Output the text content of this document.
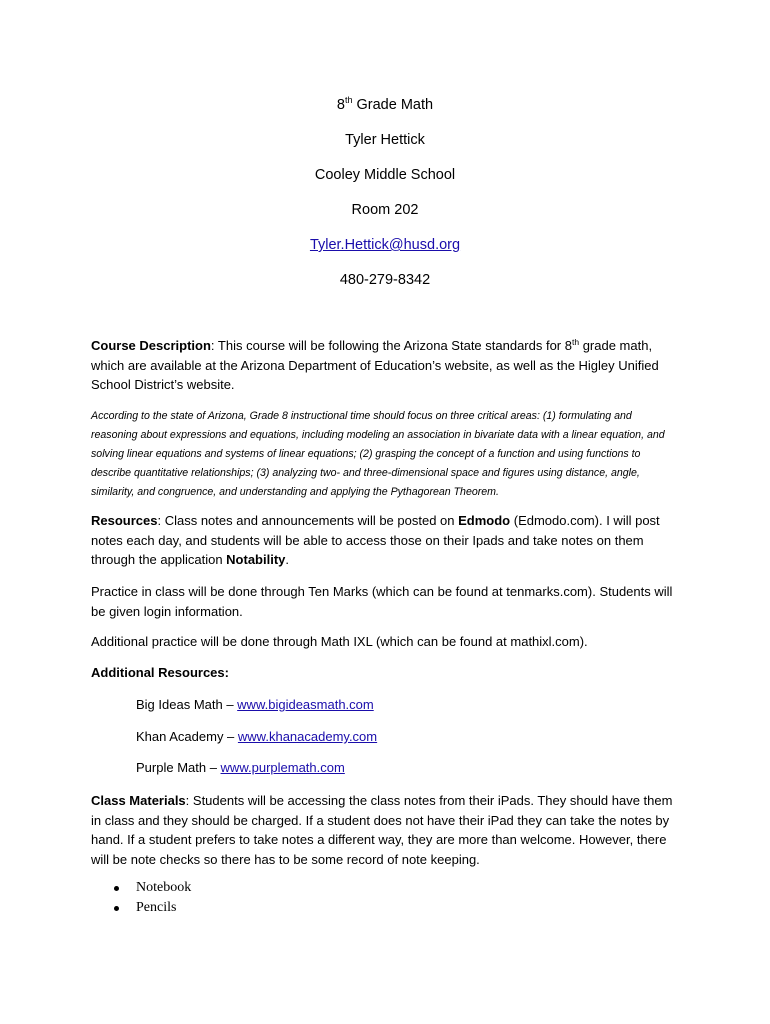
8th Grade Math
Tyler Hettick
Cooley Middle School
Room 202
Tyler.Hettick@husd.org
480-279-8342
Course Description: This course will be following the Arizona State standards for 8th grade math, which are available at the Arizona Department of Education’s website, as well as the Higley Unified School District’s website.
According to the state of Arizona, Grade 8 instructional time should focus on three critical areas: (1) formulating and reasoning about expressions and equations, including modeling an association in bivariate data with a linear equation, and solving linear equations and systems of linear equations; (2) grasping the concept of a function and using functions to describe quantitative relationships; (3) analyzing two- and three-dimensional space and figures using distance, angle, similarity, and congruence, and understanding and applying the Pythagorean Theorem.
Resources: Class notes and announcements will be posted on Edmodo (Edmodo.com). I will post notes each day, and students will be able to access those on their Ipads and take notes on them through the application Notability.
Practice in class will be done through Ten Marks (which can be found at tenmarks.com). Students will be given login information.
Additional practice will be done through Math IXL (which can be found at mathixl.com).
Additional Resources:
Big Ideas Math – www.bigideasmath.com
Khan Academy – www.khanacademy.com
Purple Math – www.purplemath.com
Class Materials: Students will be accessing the class notes from their iPads. They should have them in class and they should be charged. If a student does not have their iPad they can take the notes by hand. If a student prefers to take notes a different way, they are more than welcome. However, there will be note checks so there has to be some record of note keeping.
Notebook
Pencils
